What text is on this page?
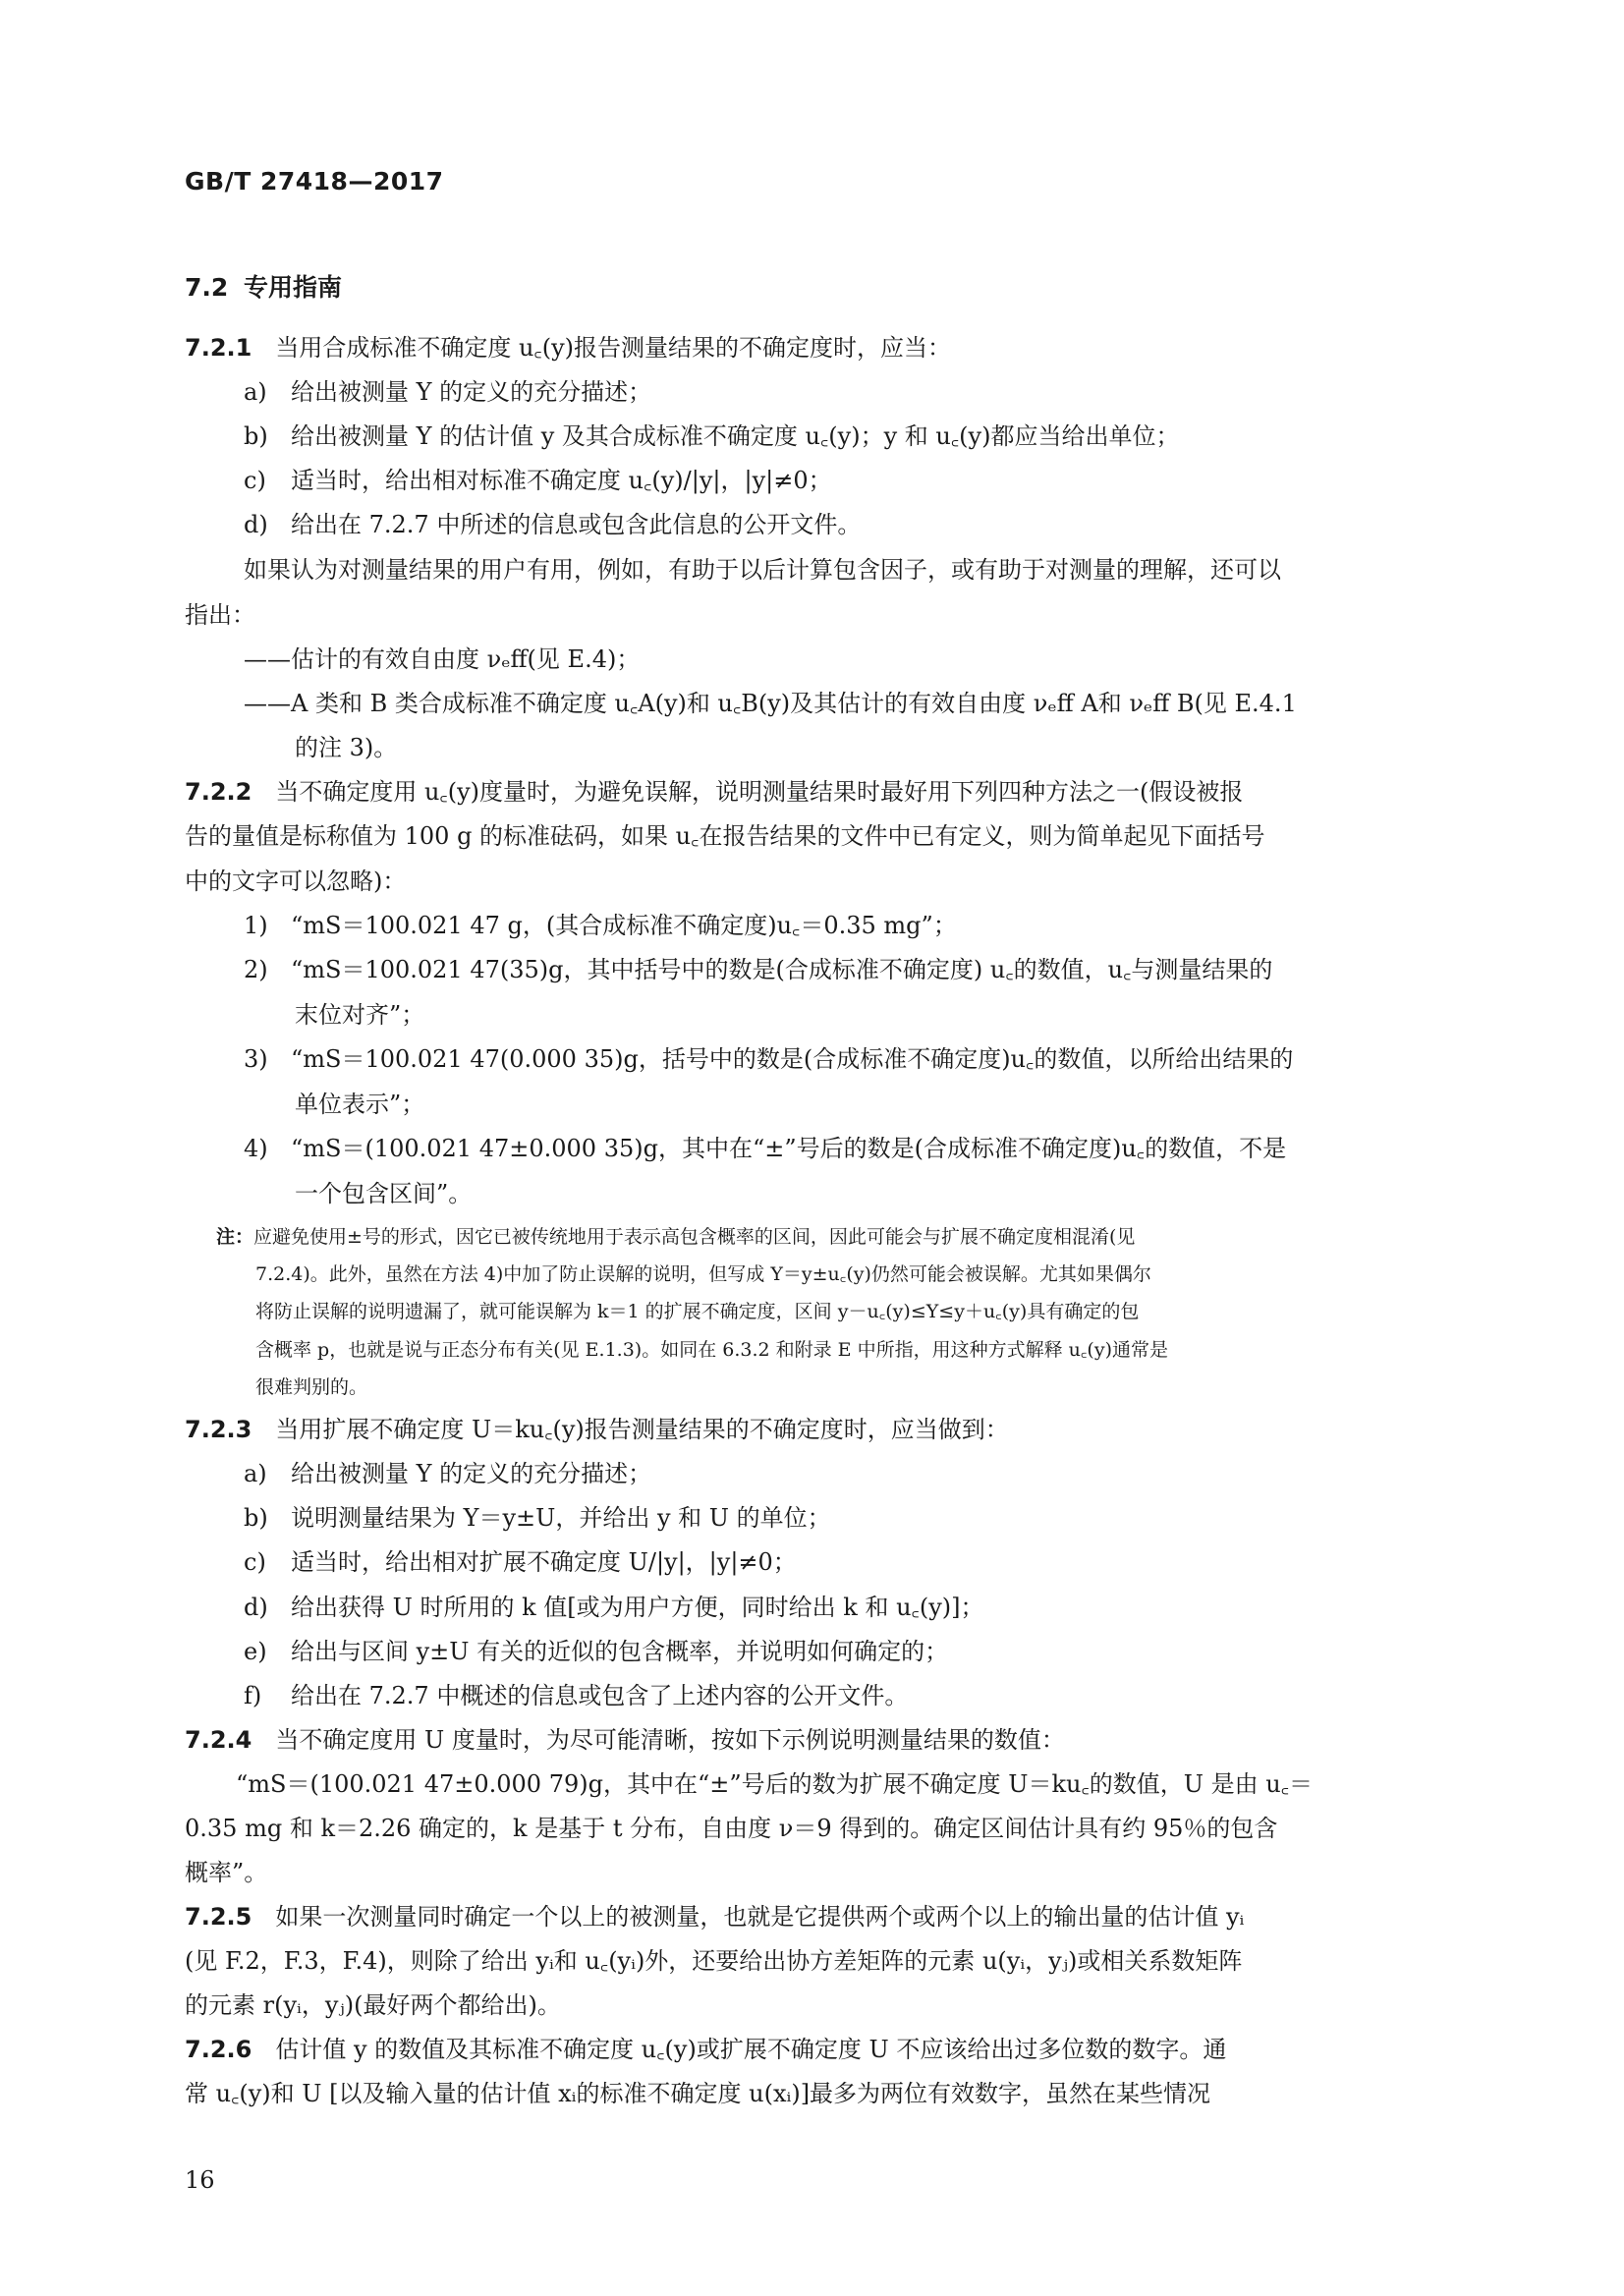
GB/T 27418—2017
7.2 专用指南
7.2.1 当用合成标准不确定度 u꜀(y)报告测量结果的不确定度时，应当：
a) 给出被测量 Y 的定义的充分描述；
b) 给出被测量 Y 的估计值 y 及其合成标准不确定度 u꜀(y)；y 和 u꜀(y)都应当给出单位；
c) 适当时，给出相对标准不确定度 u꜀(y)/|y|，|y|≠0；
d) 给出在 7.2.7 中所述的信息或包含此信息的公开文件。
如果认为对测量结果的用户有用，例如，有助于以后计算包含因子，或有助于对测量的理解，还可以
指出：
——估计的有效自由度 νₑff(见 E.4)；
——A 类和 B 类合成标准不确定度 u꜀A(y)和 u꜀B(y)及其估计的有效自由度 νₑff A和 νₑff B(见 E.4.1
的注 3)。
7.2.2 当不确定度用 u꜀(y)度量时，为避免误解，说明测量结果时最好用下列四种方法之一(假设被报
告的量值是标称值为 100 g 的标准砝码，如果 u꜀在报告结果的文件中已有定义，则为简单起见下面括号
中的文字可以忽略)：
1) “mS＝100.021 47 g，(其合成标准不确定度)u꜀＝0.35 mg”；
2) “mS＝100.021 47(35)g，其中括号中的数是(合成标准不确定度) u꜀的数值，u꜀与测量结果的
末位对齐”；
3) “mS＝100.021 47(0.000 35)g，括号中的数是(合成标准不确定度)u꜀的数值，以所给出结果的
单位表示”；
4) “mS＝(100.021 47±0.000 35)g，其中在“±”号后的数是(合成标准不确定度)u꜀的数值，不是
一个包含区间”。
注：应避免使用±号的形式，因它已被传统地用于表示高包含概率的区间，因此可能会与扩展不确定度相混淆(见
7.2.4)。此外，虽然在方法 4)中加了防止误解的说明，但写成 Y＝y±u꜀(y)仍然可能会被误解。尤其如果偶尔
将防止误解的说明遗漏了，就可能误解为 k＝1 的扩展不确定度，区间 y－u꜀(y)≤Y≤y＋u꜀(y)具有确定的包
含概率 p，也就是说与正态分布有关(见 E.1.3)。如同在 6.3.2 和附录 E 中所指，用这种方式解释 u꜀(y)通常是
很难判别的。
7.2.3 当用扩展不确定度 U＝ku꜀(y)报告测量结果的不确定度时，应当做到：
a) 给出被测量 Y 的定义的充分描述；
b) 说明测量结果为 Y＝y±U，并给出 y 和 U 的单位；
c) 适当时，给出相对扩展不确定度 U/|y|，|y|≠0；
d) 给出获得 U 时所用的 k 值[或为用户方便，同时给出 k 和 u꜀(y)]；
e) 给出与区间 y±U 有关的近似的包含概率，并说明如何确定的；
f) 给出在 7.2.7 中概述的信息或包含了上述内容的公开文件。
7.2.4 当不确定度用 U 度量时，为尽可能清晰，按如下示例说明测量结果的数值：
“mS＝(100.021 47±0.000 79)g，其中在“±”号后的数为扩展不确定度 U＝ku꜀的数值，U 是由 u꜀＝
0.35 mg 和 k＝2.26 确定的，k 是基于 t 分布，自由度 ν＝9 得到的。确定区间估计具有约 95％的包含
概率”。
7.2.5 如果一次测量同时确定一个以上的被测量，也就是它提供两个或两个以上的输出量的估计值 yᵢ
(见 F.2，F.3，F.4)，则除了给出 yᵢ和 u꜀(yᵢ)外，还要给出协方差矩阵的元素 u(yᵢ，yⱼ)或相关系数矩阵
的元素 r(yᵢ，yⱼ)(最好两个都给出)。
7.2.6 估计值 y 的数值及其标准不确定度 u꜀(y)或扩展不确定度 U 不应该给出过多位数的数字。通
常 u꜀(y)和 U [以及输入量的估计值 xᵢ的标准不确定度 u(xᵢ)]最多为两位有效数字，虽然在某些情况
16
